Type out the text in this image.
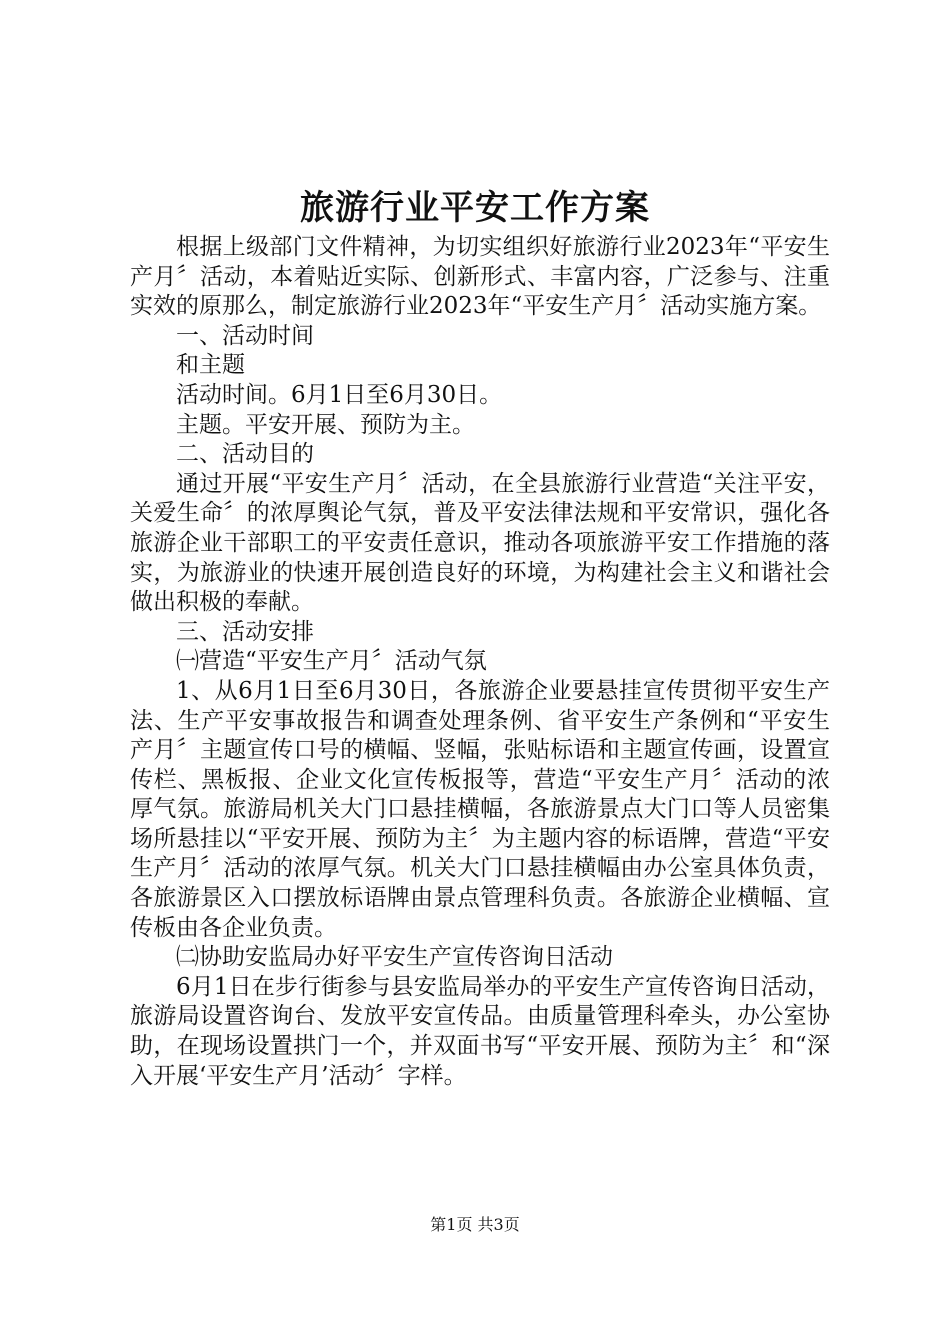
旅游行业平安工作方案

根据上级部门文件精神，为切实组织好旅游行业2023年“平安生产月〞活动，本着贴近实际、创新形式、丰富内容，广泛参与、注重实效的原那么，制定旅游行业2023年“平安生产月〞活动实施方案。

一、活动时间

和主题

活动时间。6月1日至6月30日。

主题。平安开展、预防为主。

二、活动目的

通过开展“平安生产月〞活动，在全县旅游行业营造“关注平安，关爱生命〞的浓厚舆论气氛，普及平安法律法规和平安常识，强化各旅游企业干部职工的平安责任意识，推动各项旅游平安工作措施的落实，为旅游业的快速开展创造良好的环境，为构建社会主义和谐社会做出积极的奉献。

三、活动安排

㈠营造“平安生产月〞活动气氛

1、从6月1日至6月30日，各旅游企业要悬挂宣传贯彻平安生产法、生产平安事故报告和调查处理条例、省平安生产条例和“平安生产月〞主题宣传口号的横幅、竖幅，张贴标语和主题宣传画，设置宣传栏、黑板报、企业文化宣传板报等，营造“平安生产月〞活动的浓厚气氛。旅游局机关大门口悬挂横幅，各旅游景点大门口等人员密集场所悬挂以“平安开展、预防为主〞为主题内容的标语牌，营造“平安生产月〞活动的浓厚气氛。机关大门口悬挂横幅由办公室具体负责，各旅游景区入口摆放标语牌由景点管理科负责。各旅游企业横幅、宣传板由各企业负责。

㈡协助安监局办好平安生产宣传咨询日活动

6月1日在步行街参与县安监局举办的平安生产宣传咨询日活动，旅游局设置咨询台、发放平安宣传品。由质量管理科牵头，办公室协助，在现场设置拱门一个，并双面书写“平安开展、预防为主〞和“深入开展‘平安生产月’活动〞字样。

第1页 共3页
